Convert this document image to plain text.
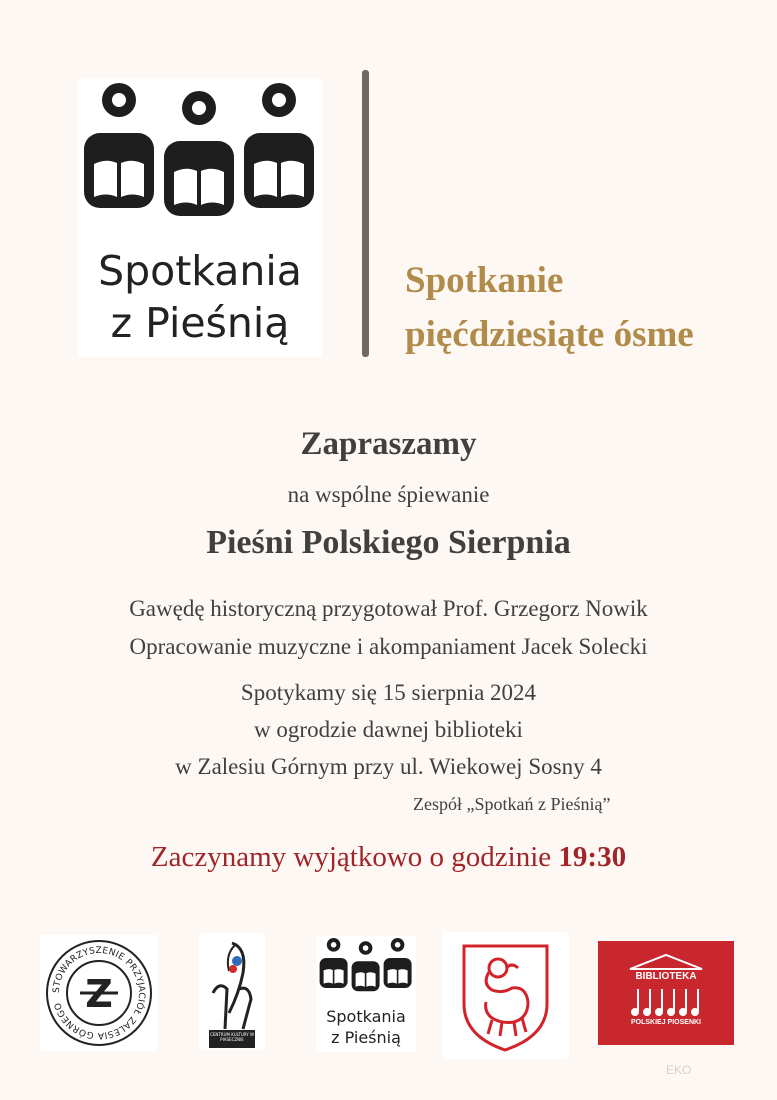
Spotkania
z Pieśnią
Spotkanie
pięćdziesiąte ósme
Zapraszamy
na wspólne śpiewanie
Pieśni Polskiego Sierpnia
Gawędę historyczną przygotował Prof. Grzegorz Nowik
Opracowanie muzyczne i akompaniament Jacek Solecki
Spotykamy się 15 sierpnia 2024
w ogrodzie dawnej biblioteki
w Zalesiu Górnym przy ul. Wiekowej Sosny 4
Zespół „Spotkań z Pieśnią”
Zaczynamy wyjątkowo o godzinie 19:30
STOWARZYSZENIE PRZYJACIÓŁ ZALESIA GÓRNEGO Z
CENTRUM KULTURY W PIASECZNIE
Spotkania
z Pieśnią
BIBLIOTEKA
POLSKIEJ PIOSENKI
EKO
